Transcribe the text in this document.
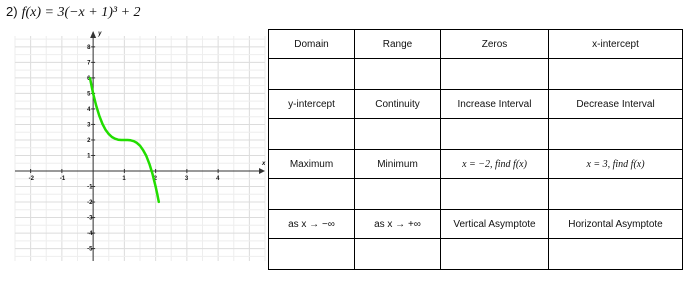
2) f(x) = 3(−x + 1)³ + 2
x
y
-2	-1	1	2	3	4
8
7
6
5
4
3
2
1
-1
-2
-3
-4
-5
Domain	Range	Zeros	x-intercept

y-intercept	Continuity	Increase Interval	Decrease Interval

Maximum	Minimum	x = −2, find f(x)	x = 3, find f(x)

as x → −∞	as x → +∞	Vertical Asymptote	Horizontal Asymptote
